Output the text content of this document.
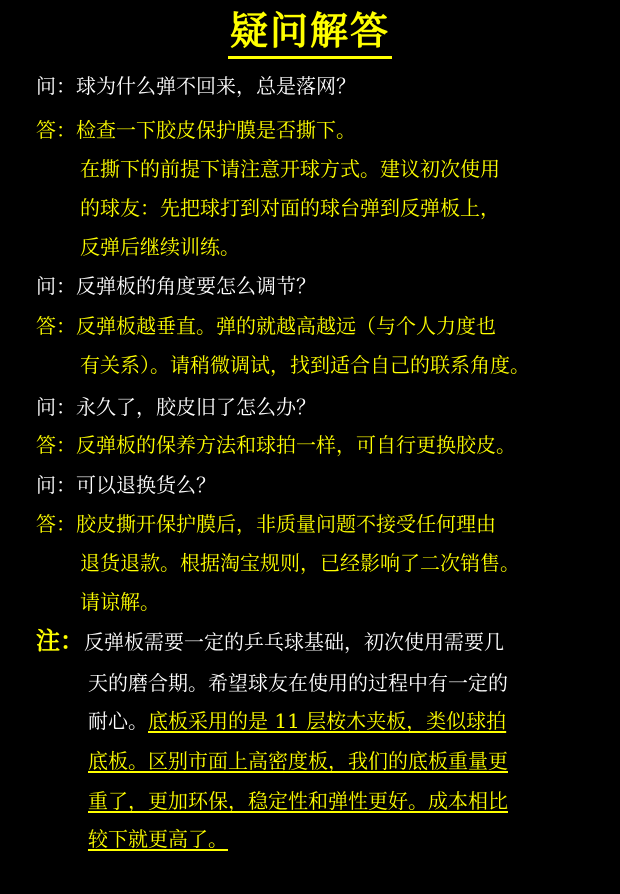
疑问解答
问：球为什么弹不回来，总是落网？
答：检查一下胶皮保护膜是否撕下。
在撕下的前提下请注意开球方式。建议初次使用
的球友：先把球打到对面的球台弹到反弹板上，
反弹后继续训练。
问：反弹板的角度要怎么调节？
答：反弹板越垂直。弹的就越高越远（与个人力度也
有关系）。请稍微调试，找到适合自己的联系角度。
问：永久了，胶皮旧了怎么办？
答：反弹板的保养方法和球拍一样，可自行更换胶皮。
问：可以退换货么？
答：胶皮撕开保护膜后，非质量问题不接受任何理由
退货退款。根据淘宝规则，已经影响了二次销售。
请谅解。
注：反弹板需要一定的乒乓球基础，初次使用需要几
天的磨合期。希望球友在使用的过程中有一定的
耐心。底板采用的是 11 层桉木夹板，类似球拍
底板。区别市面上高密度板，我们的底板重量更
重了，更加环保，稳定性和弹性更好。成本相比
较下就更高了。
